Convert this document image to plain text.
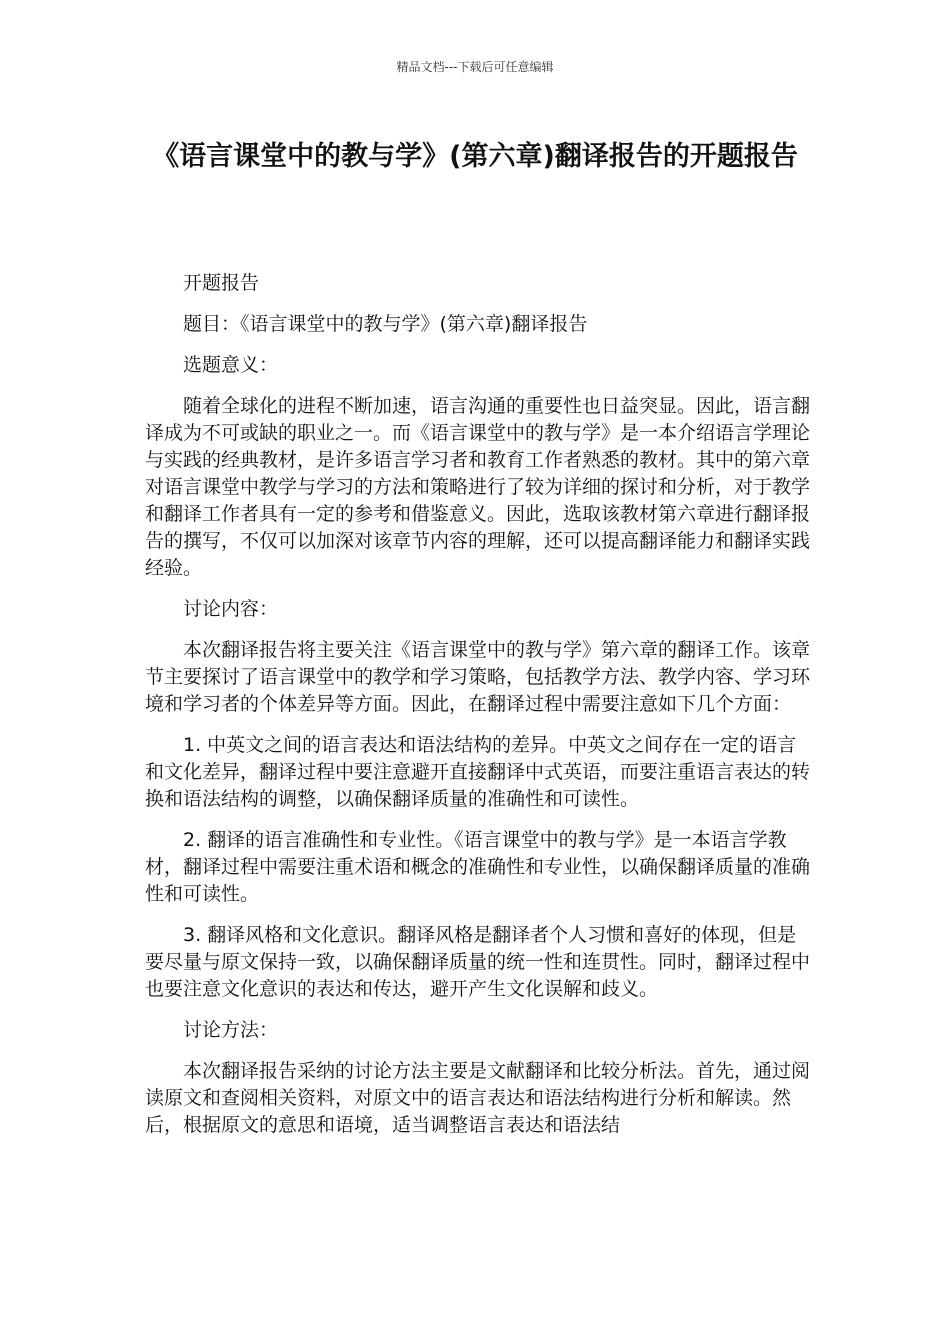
精品文档---下载后可任意编辑
《语言课堂中的教与学》(第六章)翻译报告的开题报告

开题报告

题目：《语言课堂中的教与学》(第六章)翻译报告

选题意义：

随着全球化的进程不断加速，语言沟通的重要性也日益突显。因此，语言翻译成为不可或缺的职业之一。而《语言课堂中的教与学》是一本介绍语言学理论与实践的经典教材，是许多语言学习者和教育工作者熟悉的教材。其中的第六章对语言课堂中教学与学习的方法和策略进行了较为详细的探讨和分析，对于教学和翻译工作者具有一定的参考和借鉴意义。因此，选取该教材第六章进行翻译报告的撰写，不仅可以加深对该章节内容的理解，还可以提高翻译能力和翻译实践经验。

讨论内容：

本次翻译报告将主要关注《语言课堂中的教与学》第六章的翻译工作。该章节主要探讨了语言课堂中的教学和学习策略，包括教学方法、教学内容、学习环境和学习者的个体差异等方面。因此，在翻译过程中需要注意如下几个方面：

1. 中英文之间的语言表达和语法结构的差异。中英文之间存在一定的语言和文化差异，翻译过程中要注意避开直接翻译中式英语，而要注重语言表达的转换和语法结构的调整，以确保翻译质量的准确性和可读性。

2. 翻译的语言准确性和专业性。《语言课堂中的教与学》是一本语言学教材，翻译过程中需要注重术语和概念的准确性和专业性，以确保翻译质量的准确性和可读性。

3. 翻译风格和文化意识。翻译风格是翻译者个人习惯和喜好的体现，但是要尽量与原文保持一致，以确保翻译质量的统一性和连贯性。同时，翻译过程中也要注意文化意识的表达和传达，避开产生文化误解和歧义。

讨论方法：

本次翻译报告采纳的讨论方法主要是文献翻译和比较分析法。首先，通过阅读原文和查阅相关资料，对原文中的语言表达和语法结构进行分析和解读。然后，根据原文的意思和语境，适当调整语言表达和语法结
